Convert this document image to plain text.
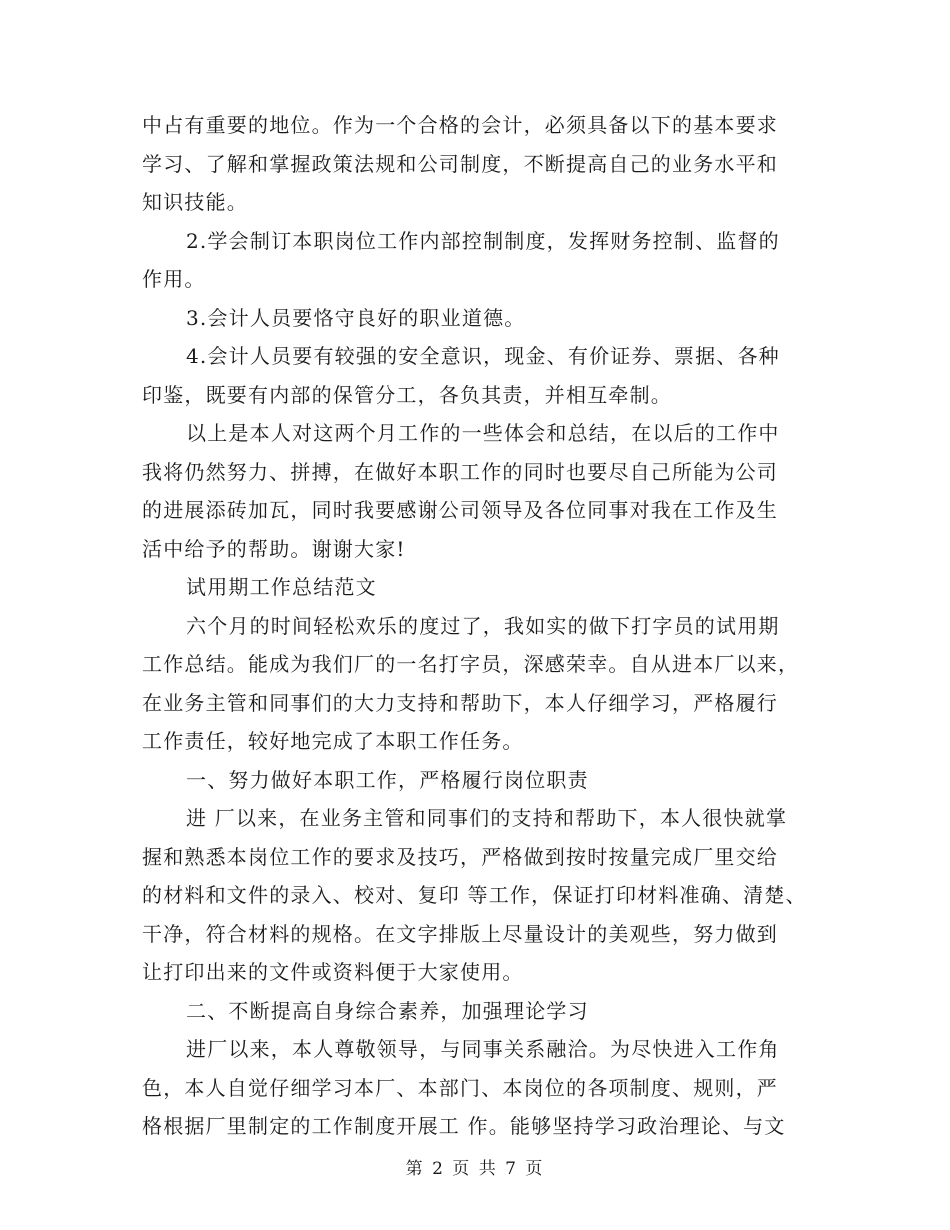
中占有重要的地位。作为一个合格的会计，必须具备以下的基本要求
学习、了解和掌握政策法规和公司制度，不断提高自己的业务水平和
知识技能。
2.学会制订本职岗位工作内部控制制度，发挥财务控制、监督的
作用。
3.会计人员要恪守良好的职业道德。
4.会计人员要有较强的安全意识，现金、有价证券、票据、各种
印鉴，既要有内部的保管分工，各负其责，并相互牵制。
以上是本人对这两个月工作的一些体会和总结，在以后的工作中
我将仍然努力、拼搏，在做好本职工作的同时也要尽自己所能为公司
的进展添砖加瓦，同时我要感谢公司领导及各位同事对我在工作及生
活中给予的帮助。谢谢大家!
试用期工作总结范文
六个月的时间轻松欢乐的度过了，我如实的做下打字员的试用期
工作总结。能成为我们厂的一名打字员，深感荣幸。自从进本厂以来，
在业务主管和同事们的大力支持和帮助下，本人仔细学习，严格履行
工作责任，较好地完成了本职工作任务。
一、努力做好本职工作，严格履行岗位职责
进 厂以来，在业务主管和同事们的支持和帮助下，本人很快就掌
握和熟悉本岗位工作的要求及技巧，严格做到按时按量完成厂里交给
的材料和文件的录入、校对、复印 等工作，保证打印材料准确、清楚、
干净，符合材料的规格。在文字排版上尽量设计的美观些，努力做到
让打印出来的文件或资料便于大家使用。
二、不断提高自身综合素养，加强理论学习
进厂以来，本人尊敬领导，与同事关系融洽。为尽快进入工作角
色，本人自觉仔细学习本厂、本部门、本岗位的各项制度、规则，严
格根据厂里制定的工作制度开展工 作。能够坚持学习政治理论、与文
第 2 页 共 7 页
